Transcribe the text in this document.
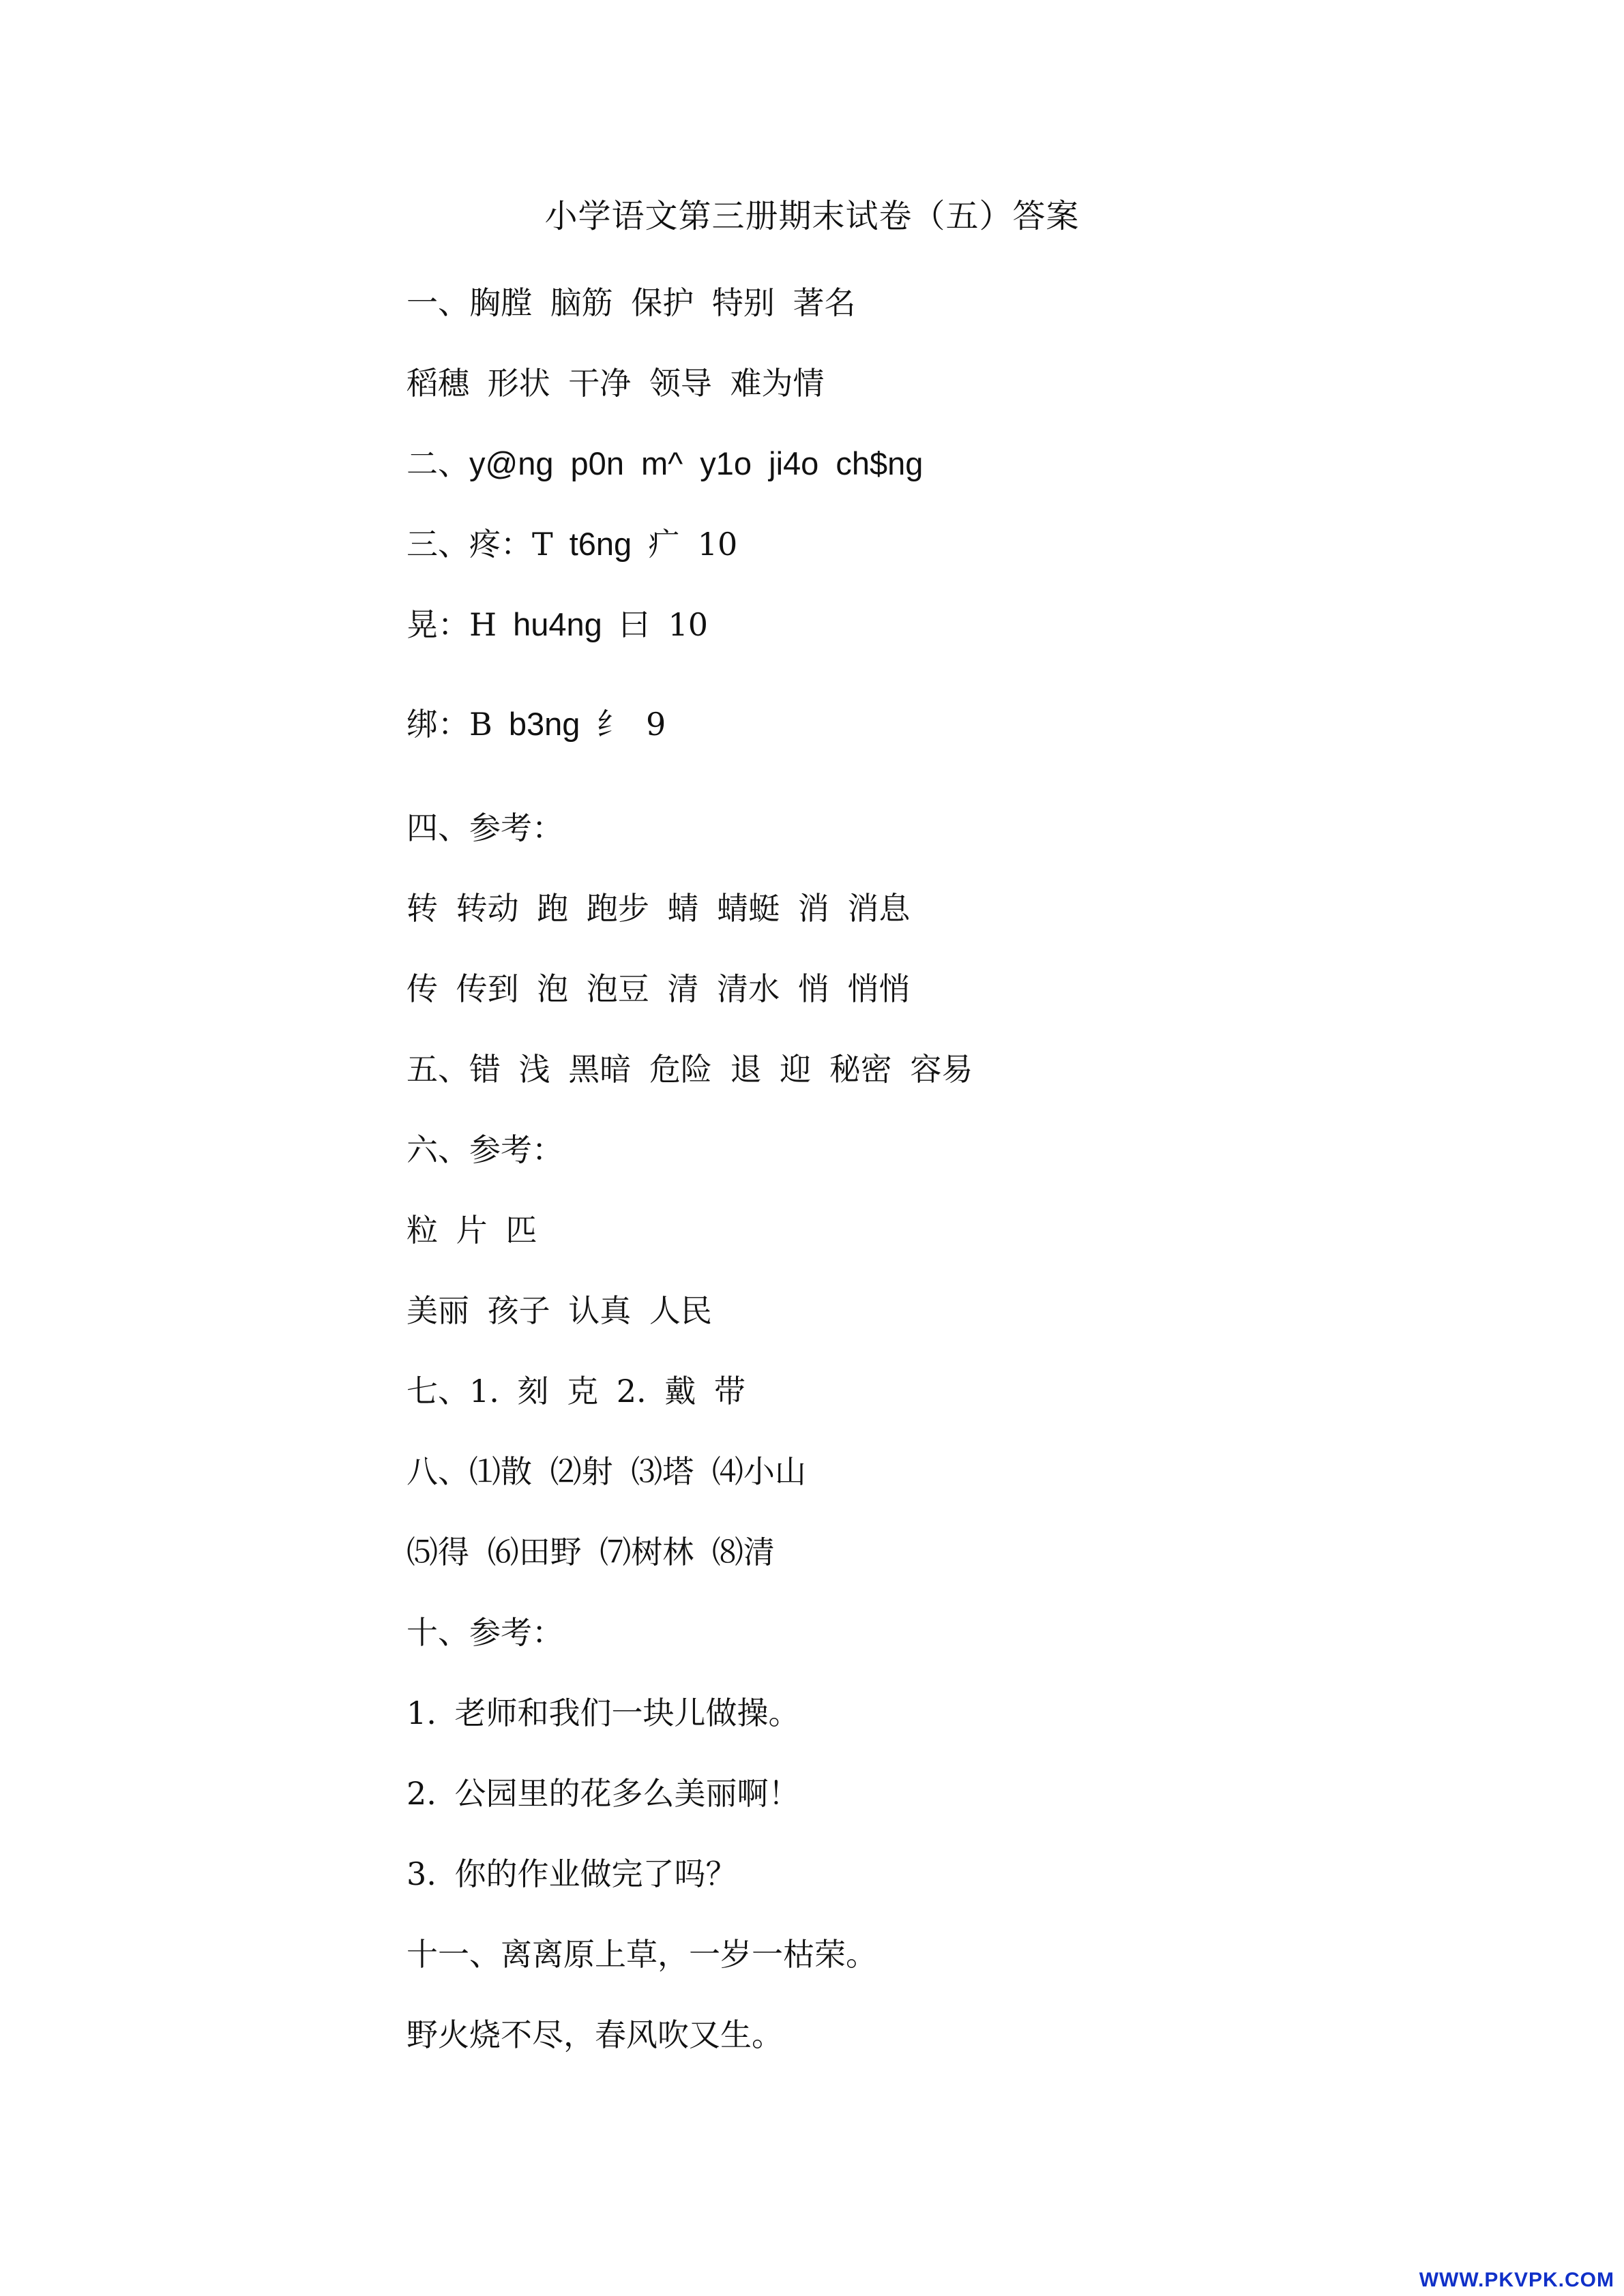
小学语文第三册期末试卷（五）答案
一、胸膛 脑筋 保护 特别 著名
稻穗 形状 干净 领导 难为情
二、y@ng p0n m^ y1o ji4o ch$ng
三、疼：T t6ng 疒 10
晃：H hu4ng 曰 10
绑：B b3ng 纟 9
四、参考：
转 转动 跑 跑步 蜻 蜻蜓 消 消息
传 传到 泡 泡豆 清 清水 悄 悄悄
五、错 浅 黑暗 危险 退 迎 秘密 容易
六、参考：
粒 片 匹
美丽 孩子 认真 人民
七、1. 刻 克 2. 戴 带
八、⑴散 ⑵射 ⑶塔 ⑷小山
⑸得 ⑹田野 ⑺树林 ⑻清
十、参考：
1. 老师和我们一块儿做操。
2. 公园里的花多么美丽啊！
3. 你的作业做完了吗？
十一、离离原上草，一岁一枯荣。
野火烧不尽，春风吹又生。
WWW.PKVPK.COM
